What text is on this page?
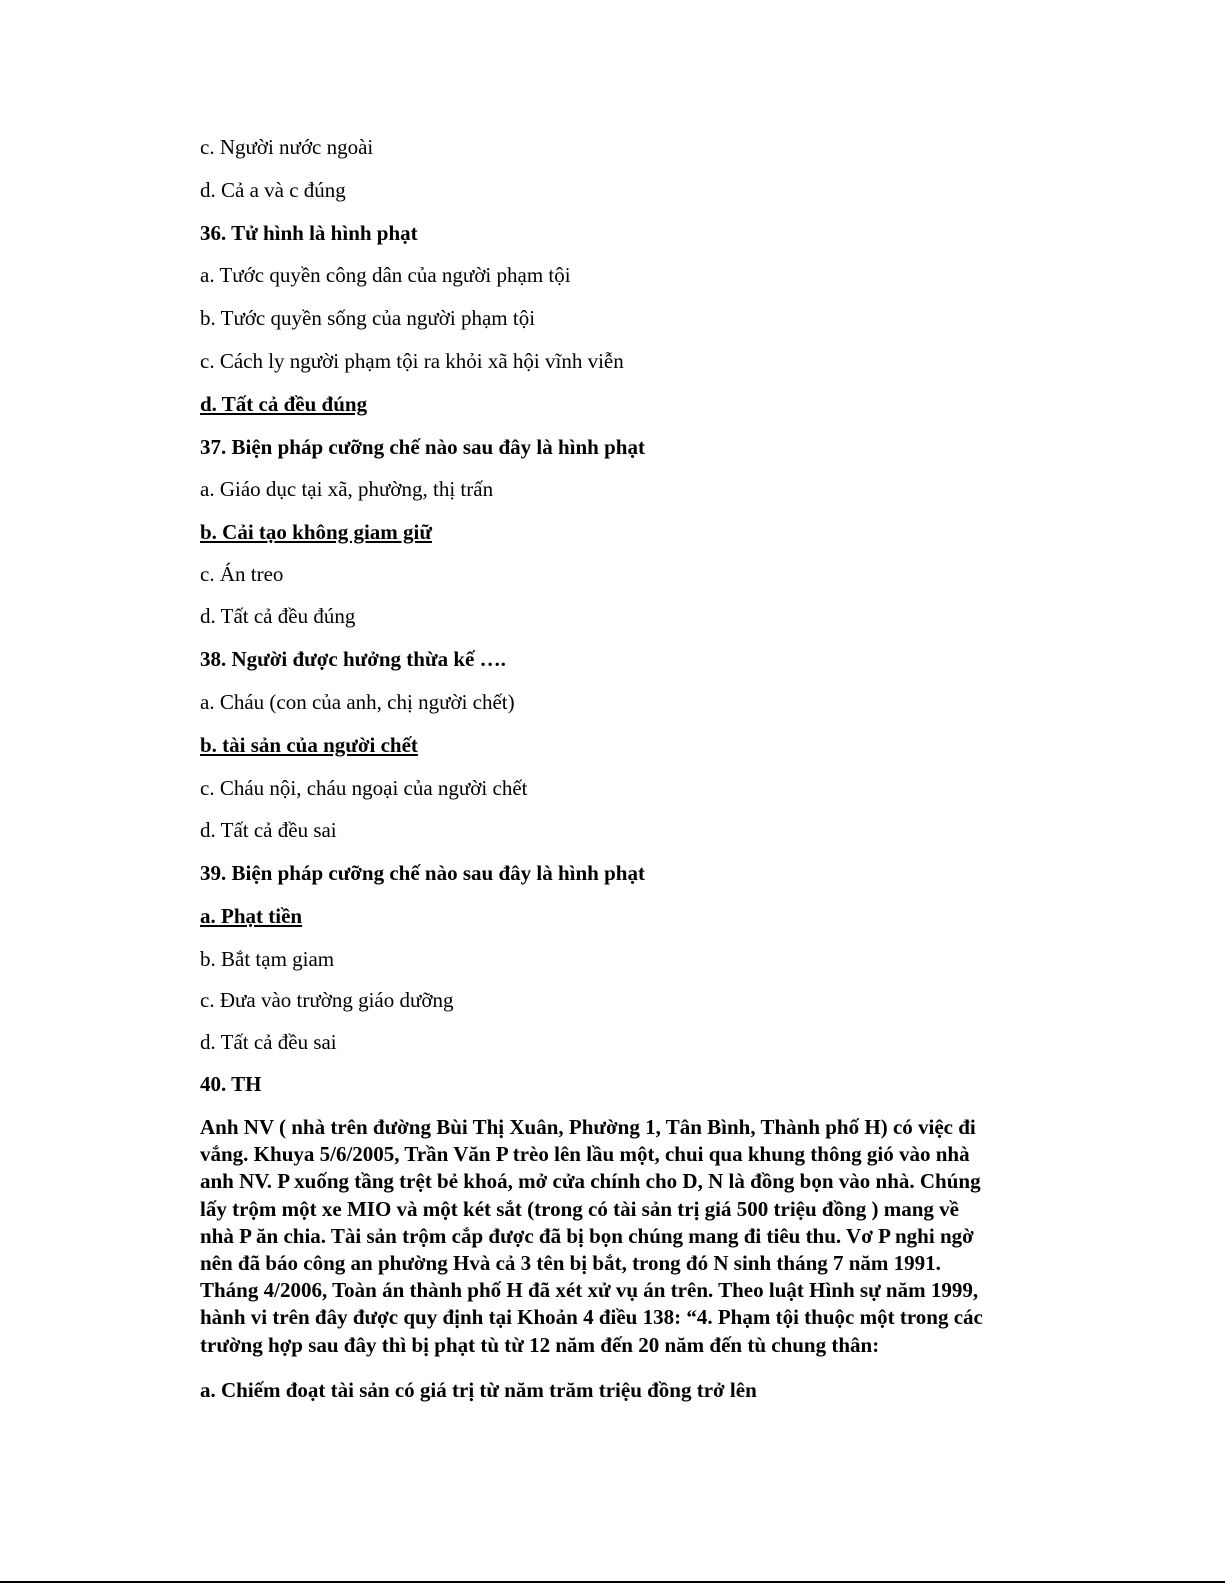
c. Người nước ngoài
d. Cả a và c đúng
36. Tử hình là hình phạt
a. Tước quyền công dân của người phạm tội
b. Tước quyền sống của người phạm tội
c. Cách ly người phạm tội ra khỏi xã hội vĩnh viễn
d. Tất cả đều đúng
37. Biện pháp cưỡng chế nào sau đây là hình phạt
a. Giáo dục tại xã, phường, thị trấn
b. Cải tạo không giam giữ
c. Án treo
d. Tất cả đều đúng
38. Người được hưởng thừa kế ….
a. Cháu (con của anh, chị người chết)
b. tài sản của người chết
c. Cháu nội, cháu ngoại của người chết
d. Tất cả đều sai
39. Biện pháp cưỡng chế nào sau đây là hình phạt
a. Phạt tiền
b. Bắt tạm giam
c. Đưa vào trường giáo dưỡng
d. Tất cả đều sai
40. TH
Anh NV ( nhà trên đường Bùi Thị Xuân, Phường 1, Tân Bình, Thành phố H) có việc đi
vắng. Khuya 5/6/2005, Trần Văn P trèo lên lầu một, chui qua khung thông gió vào nhà
anh NV. P xuống tầng trệt bẻ khoá, mở cửa chính cho D, N là đồng bọn vào nhà. Chúng
lấy trộm một xe MIO và một két sắt (trong có tài sản trị giá 500 triệu đồng ) mang về
nhà P ăn chia. Tài sản trộm cắp được đã bị bọn chúng mang đi tiêu thu. Vơ P nghi ngờ
nên đã báo công an phường Hvà cả 3 tên bị bắt, trong đó N sinh tháng 7 năm 1991.
Tháng 4/2006, Toàn án thành phố H đã xét xử vụ án trên. Theo luật Hình sự năm 1999,
hành vi trên đây được quy định tại Khoản 4 điều 138: “4. Phạm tội thuộc một trong các
trường hợp sau đây thì bị phạt tù từ 12 năm đến 20 năm đến tù chung thân:
a. Chiếm đoạt tài sản có giá trị từ năm trăm triệu đồng trở lên
